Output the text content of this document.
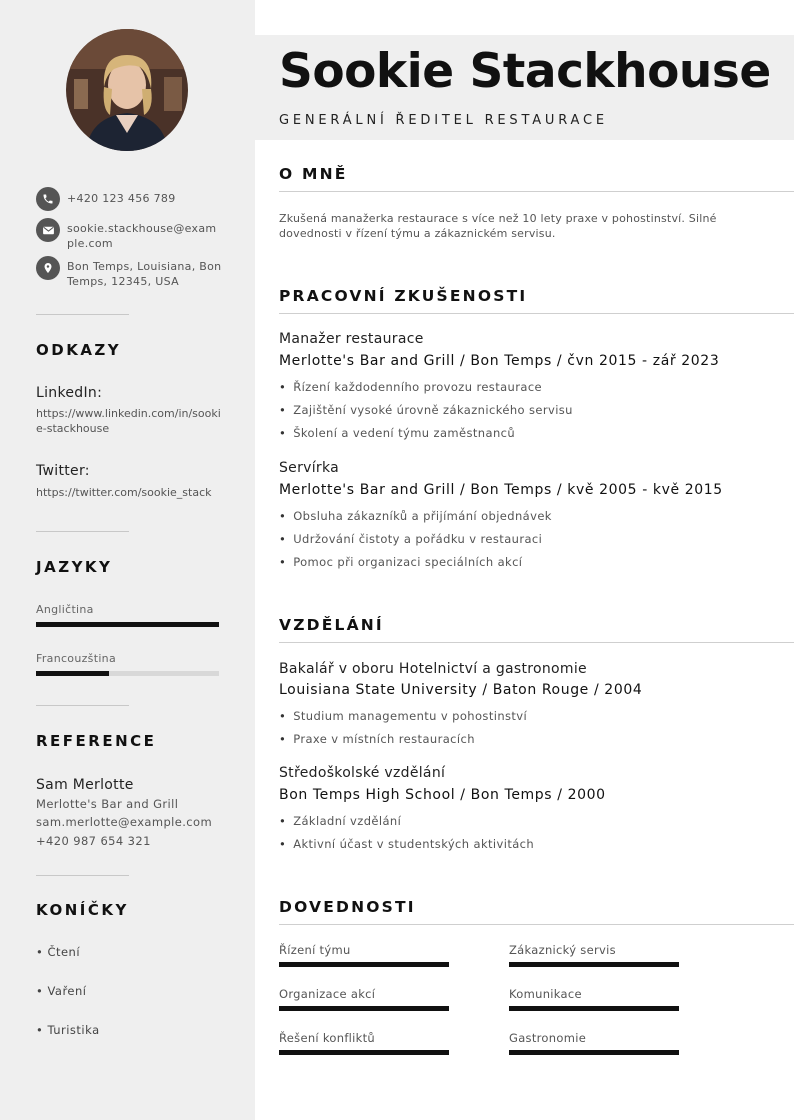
+420 123 456 789
sookie.stackhouse@example.com
Bon Temps, Louisiana, Bon Temps, 12345, USA
ODKAZY
LinkedIn:
https://www.linkedin.com/in/sookie-stackhouse
Twitter:
https://twitter.com/sookie_stack
JAZYKY
Angličtina
Francouzština
REFERENCE
Sam Merlotte
Merlotte's Bar and Grill
sam.merlotte@example.com
+420 987 654 321
KONÍČKY
• Čtení
• Vaření
• Turistika
Sookie Stackhouse
GENERÁLNÍ ŘEDITEL RESTAURACE
O MNĚ
Zkušená manažerka restaurace s více než 10 lety praxe v pohostinství. Silné dovednosti v řízení týmu a zákaznickém servisu.
PRACOVNÍ ZKUŠENOSTI
Manažer restaurace
Merlotte's Bar and Grill / Bon Temps / čvn 2015 - zář 2023
• Řízení každodenního provozu restaurace
• Zajištění vysoké úrovně zákaznického servisu
• Školení a vedení týmu zaměstnanců
Servírka
Merlotte's Bar and Grill / Bon Temps / kvě 2005 - kvě 2015
• Obsluha zákazníků a přijímání objednávek
• Udržování čistoty a pořádku v restauraci
• Pomoc při organizaci speciálních akcí
VZDĚLÁNÍ
Bakalář v oboru Hotelnictví a gastronomie
Louisiana State University / Baton Rouge / 2004
• Studium managementu v pohostinství
• Praxe v místních restauracích
Středoškolské vzdělání
Bon Temps High School / Bon Temps / 2000
• Základní vzdělání
• Aktivní účast v studentských aktivitách
DOVEDNOSTI
Řízení týmu	Zákaznický servis
Organizace akcí	Komunikace
Řešení konfliktů	Gastronomie
